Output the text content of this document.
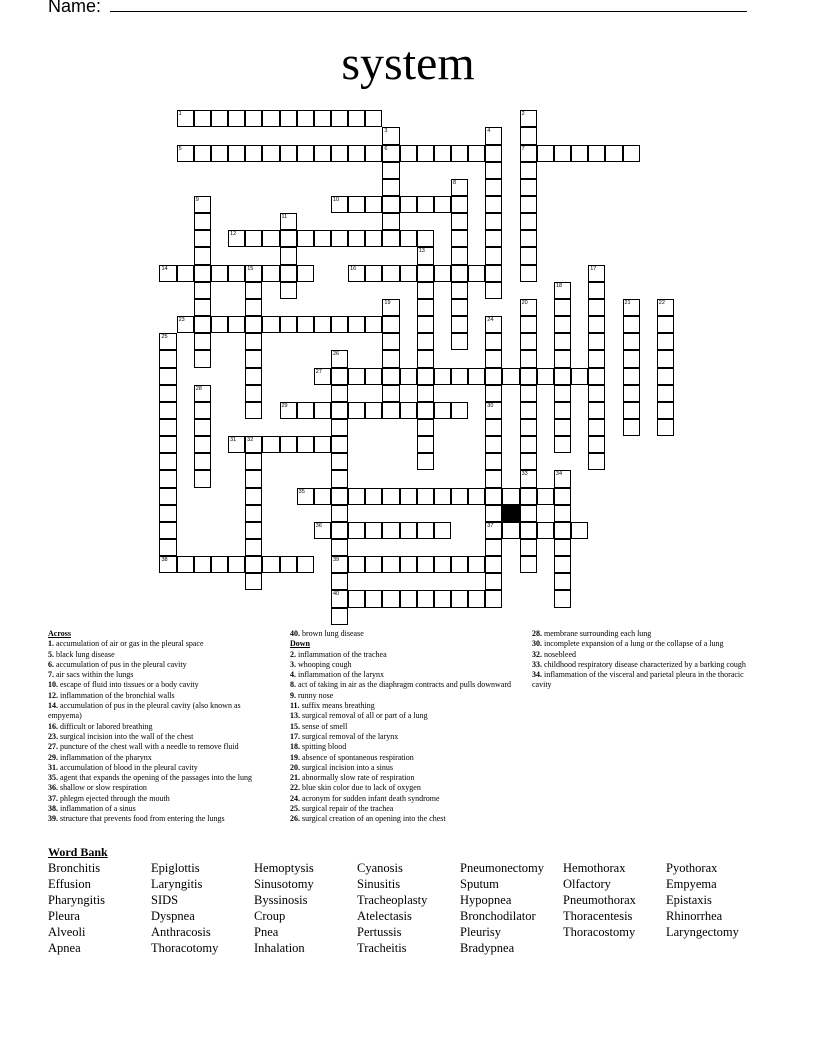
Name:
system
1	2
7
3
6
4
5
8
9	10
11
12
13
14	15	16	17
18
19	20
33
21	22
23	24
30
25
26
39
40
27
28
29
37
31 32
34
35
36
38
Across
1. accumulation of air or gas in the pleural space
5. black lung disease
6. accumulation of pus in the pleural cavity
7. air sacs within the lungs
10. escape of fluid into tissues or a body cavity
12. inflammation of the bronchial walls
14. accumulation of pus in the pleural cavity (also known as empyema)
16. difficult or labored breathing
23. surgical incision into the wall of the chest
27. puncture of the chest wall with a needle to remove fluid
29. inflammation of the pharynx
31. accumulation of blood in the pleural cavity
35. agent that expands the opening of the passages into the lung
36. shallow or slow respiration
37. phlegm ejected through the mouth
38. inflammation of a sinus
39. structure that prevents food from entering the lungs
40. brown lung disease
Down
2. inflammation of the trachea
3. whooping cough
4. inflammation of the larynx
8. act of taking in air as the diaphragm contracts and pulls downward
9. runny nose
11. suffix means breathing
13. surgical removal of all or part of a lung
15. sense of smell
17. surgical removal of the larynx
18. spitting blood
19. absence of spontaneous respiration
20. surgical incision into a sinus
21. abnormally slow rate of respiration
22. blue skin color due to lack of oxygen
24. acronym for sudden infant death syndrome
25. surgical repair of the trachea
26. surgical creation of an opening into the chest
28. membrane surrounding each lung
30. incomplete expansion of a lung or the collapse of a lung
32. nosebleed
33. childhood respiratory disease characterized by a barking cough
34. inflammation of the visceral and parietal pleura in the thoracic cavity
Word Bank
Bronchitis	Epiglottis	Hemoptysis	Cyanosis	Pneumonectomy Hemothorax	Pyothorax
Effusion	Laryngitis	Sinusotomy	Sinusitis	Sputum	Olfactory	Empyema
Pharyngitis	SIDS	Byssinosis	Tracheoplasty	Hypopnea	Pneumothorax Epistaxis
Pleura	Dyspnea	Croup	Atelectasis	Bronchodilator Thoracentesis	Rhinorrhea
Alveoli	Anthracosis	Pnea	Pertussis	Pleurisy	Thoracostomy Laryngectomy
Apnea	Thoracotomy	Inhalation	Tracheitis	Bradypnea
